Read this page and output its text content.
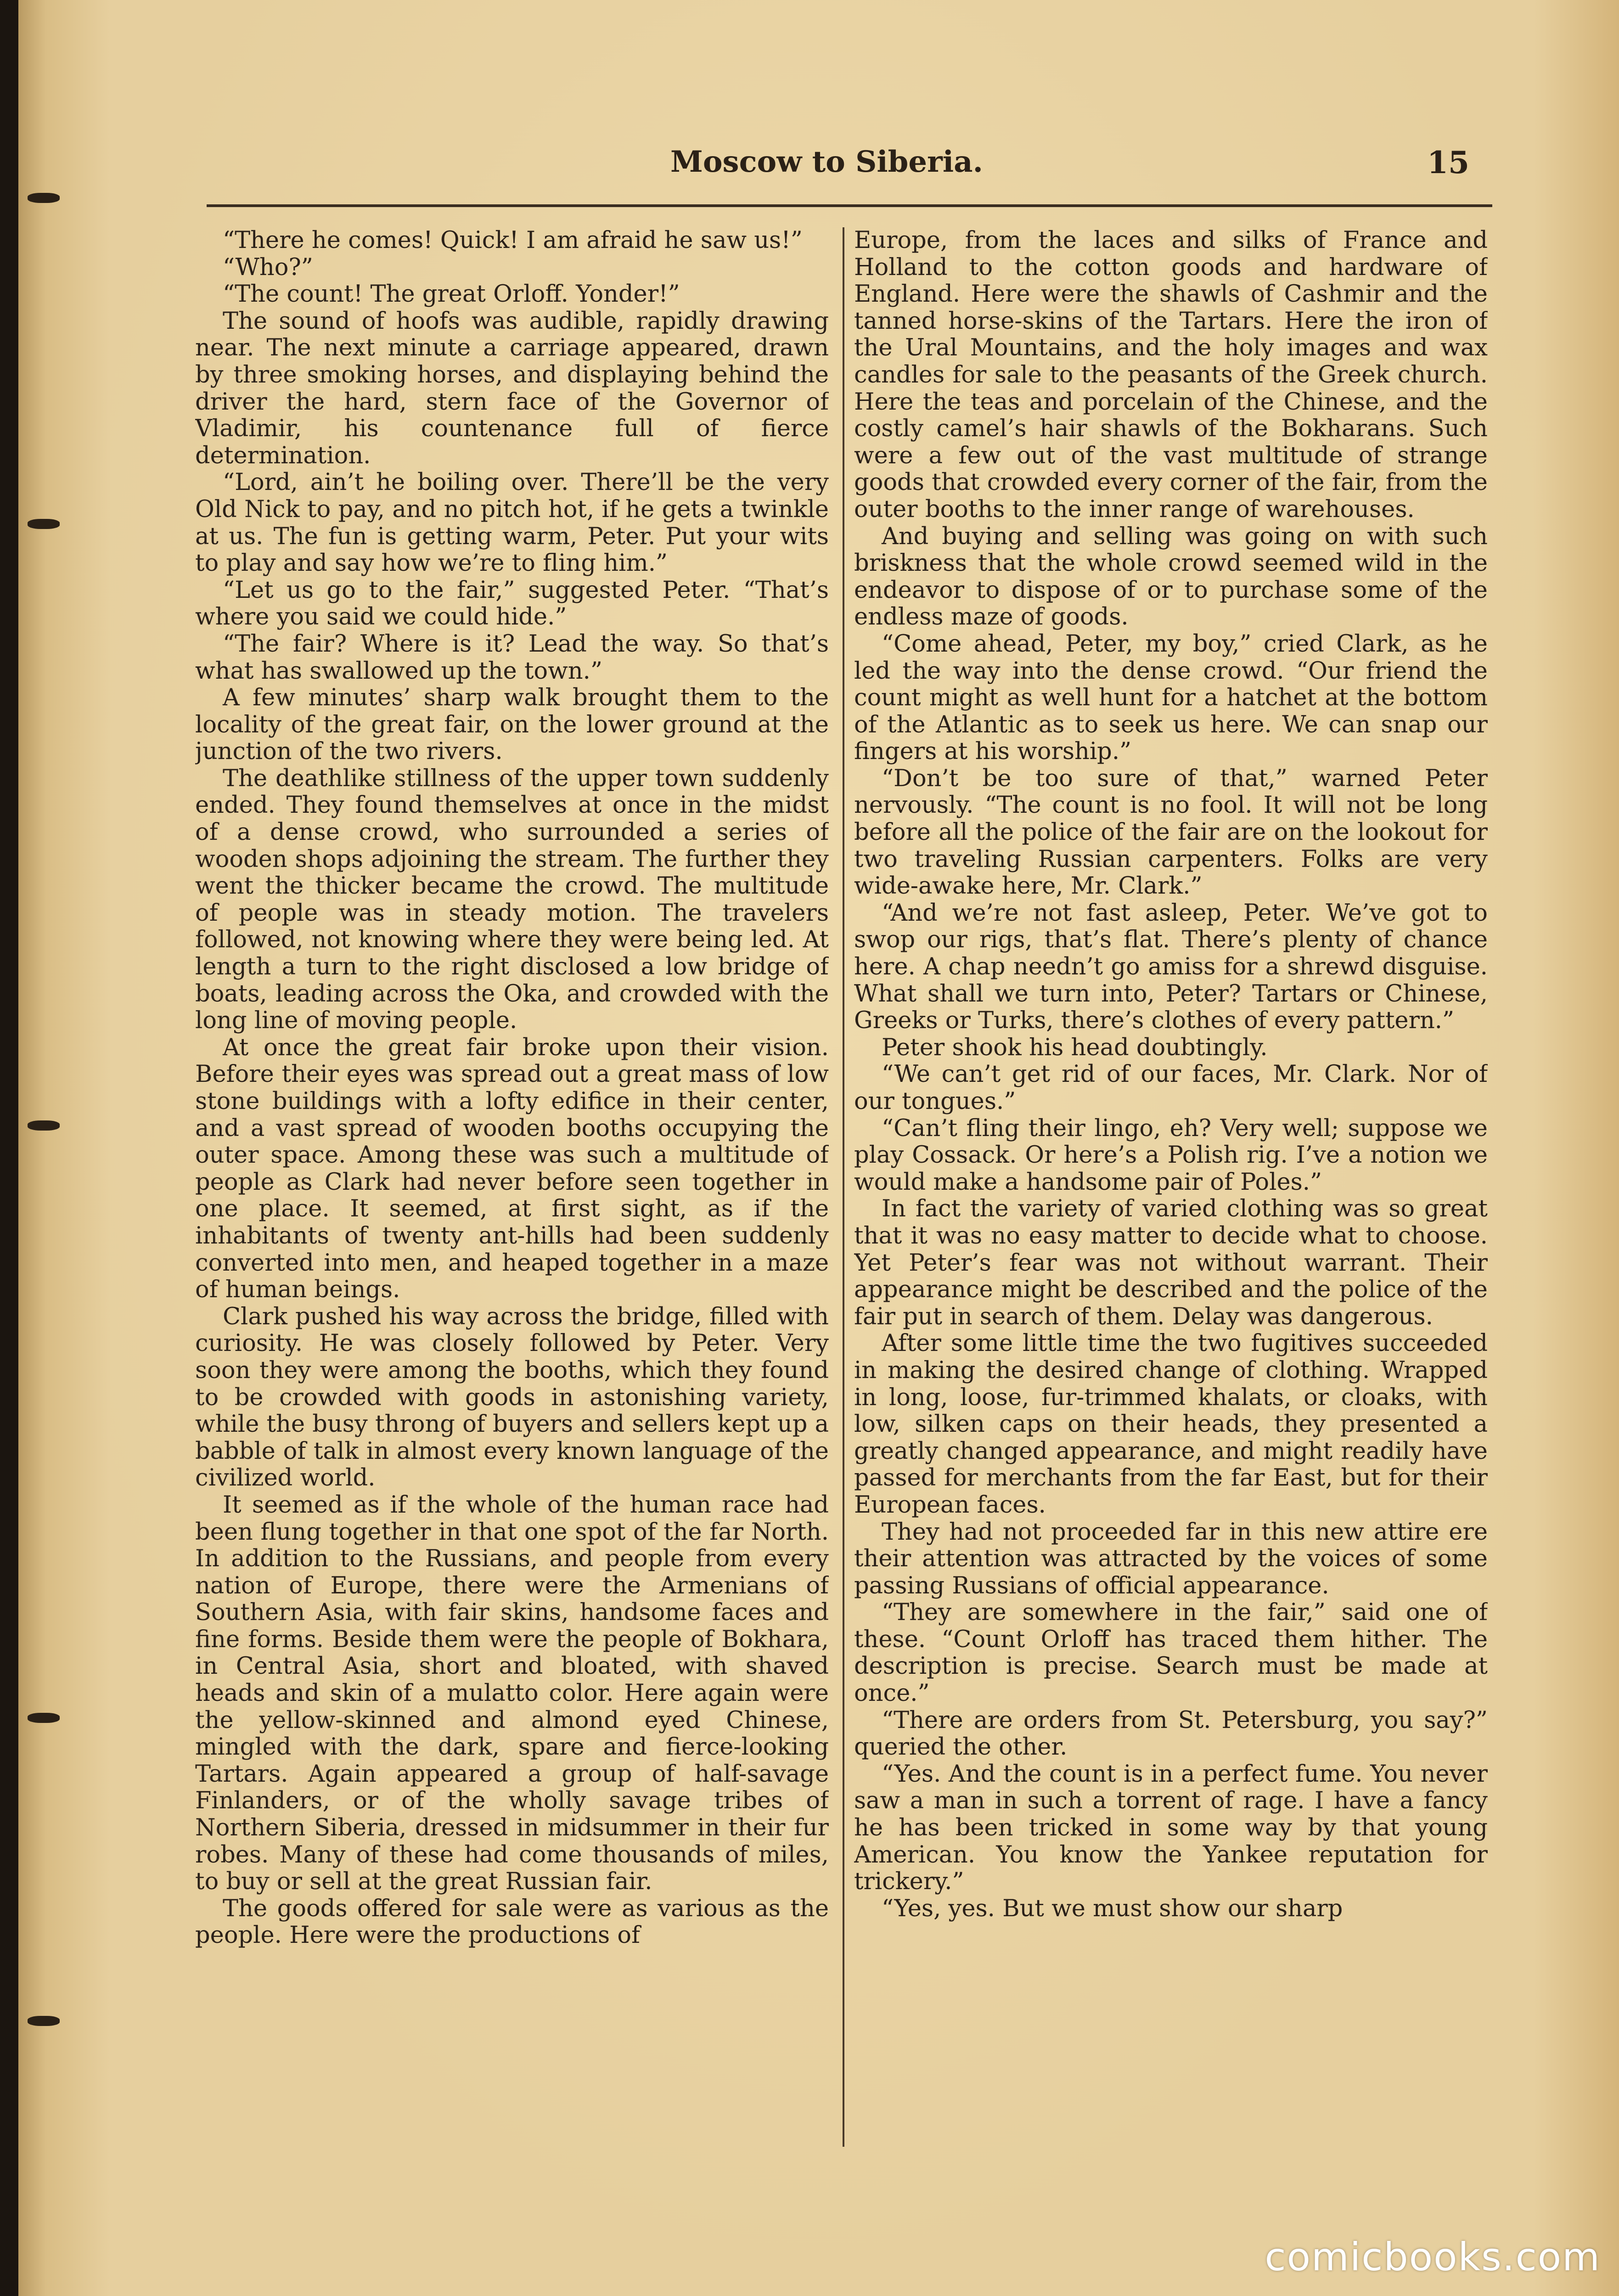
Moscow to Siberia.	15

“There he comes! Quick! I am afraid he saw us!”

“Who?”

“The count! The great Orloff. Yonder!”

The sound of hoofs was audible, rapidly drawing near. The next minute a carriage appeared, drawn by three smoking horses, and displaying behind the driver the hard, stern face of the Governor of Vladimir, his countenance full of fierce determination.

“Lord, ain’t he boiling over. There’ll be the very Old Nick to pay, and no pitch hot, if he gets a twinkle at us. The fun is getting warm, Peter. Put your wits to play and say how we’re to fling him.”

“Let us go to the fair,” suggested Peter. “That’s where you said we could hide.”

“The fair? Where is it? Lead the way. So that’s what has swallowed up the town.”

A few minutes’ sharp walk brought them to the locality of the great fair, on the lower ground at the junction of the two rivers.

The deathlike stillness of the upper town suddenly ended. They found themselves at once in the midst of a dense crowd, who surrounded a series of wooden shops adjoining the stream. The further they went the thicker became the crowd. The multitude of people was in steady motion. The travelers followed, not knowing where they were being led. At length a turn to the right disclosed a low bridge of boats, leading across the Oka, and crowded with the long line of moving people.

At once the great fair broke upon their vision. Before their eyes was spread out a great mass of low stone buildings with a lofty edifice in their center, and a vast spread of wooden booths occupying the outer space. Among these was such a multitude of people as Clark had never before seen together in one place. It seemed, at first sight, as if the inhabitants of twenty ant-hills had been suddenly converted into men, and heaped together in a maze of human beings.

Clark pushed his way across the bridge, filled with curiosity. He was closely followed by Peter. Very soon they were among the booths, which they found to be crowded with goods in astonishing variety, while the busy throng of buyers and sellers kept up a babble of talk in almost every known language of the civilized world.

It seemed as if the whole of the human race had been flung together in that one spot of the far North. In addition to the Russians, and people from every nation of Europe, there were the Armenians of Southern Asia, with fair skins, handsome faces and fine forms. Beside them were the people of Bokhara, in Central Asia, short and bloated, with shaved heads and skin of a mulatto color. Here again were the yellow-skinned and almond eyed Chinese, mingled with the dark, spare and fierce-looking Tartars. Again appeared a group of half-savage Finlanders, or of the wholly savage tribes of Northern Siberia, dressed in midsummer in their fur robes. Many of these had come thousands of miles, to buy or sell at the great Russian fair.

The goods offered for sale were as various as the people. Here were the productions of

Europe, from the laces and silks of France and Holland to the cotton goods and hardware of England. Here were the shawls of Cashmir and the tanned horse-skins of the Tartars. Here the iron of the Ural Mountains, and the holy images and wax candles for sale to the peasants of the Greek church. Here the teas and porcelain of the Chinese, and the costly camel’s hair shawls of the Bokharans. Such were a few out of the vast multitude of strange goods that crowded every corner of the fair, from the outer booths to the inner range of warehouses.

And buying and selling was going on with such briskness that the whole crowd seemed wild in the endeavor to dispose of or to purchase some of the endless maze of goods.

“Come ahead, Peter, my boy,” cried Clark, as he led the way into the dense crowd. “Our friend the count might as well hunt for a hatchet at the bottom of the Atlantic as to seek us here. We can snap our fingers at his worship.”

“Don’t be too sure of that,” warned Peter nervously. “The count is no fool. It will not be long before all the police of the fair are on the lookout for two traveling Russian carpenters. Folks are very wide-awake here, Mr. Clark.”

“And we’re not fast asleep, Peter. We’ve got to swop our rigs, that’s flat. There’s plenty of chance here. A chap needn’t go amiss for a shrewd disguise. What shall we turn into, Peter? Tartars or Chinese, Greeks or Turks, there’s clothes of every pattern.”

Peter shook his head doubtingly.

“We can’t get rid of our faces, Mr. Clark. Nor of our tongues.”

“Can’t fling their lingo, eh? Very well; suppose we play Cossack. Or here’s a Polish rig. I’ve a notion we would make a handsome pair of Poles.”

In fact the variety of varied clothing was so great that it was no easy matter to decide what to choose. Yet Peter’s fear was not without warrant. Their appearance might be described and the police of the fair put in search of them. Delay was dangerous.

After some little time the two fugitives succeeded in making the desired change of clothing. Wrapped in long, loose, fur-trimmed khalats, or cloaks, with low, silken caps on their heads, they presented a greatly changed appearance, and might readily have passed for merchants from the far East, but for their European faces.

They had not proceeded far in this new attire ere their attention was attracted by the voices of some passing Russians of official appearance.

“They are somewhere in the fair,” said one of these. “Count Orloff has traced them hither. The description is precise. Search must be made at once.”

“There are orders from St. Petersburg, you say?” queried the other.

“Yes. And the count is in a perfect fume. You never saw a man in such a torrent of rage. I have a fancy he has been tricked in some way by that young American. You know the Yankee reputation for trickery.”

“Yes, yes. But we must show our sharp

comicbooks.com
